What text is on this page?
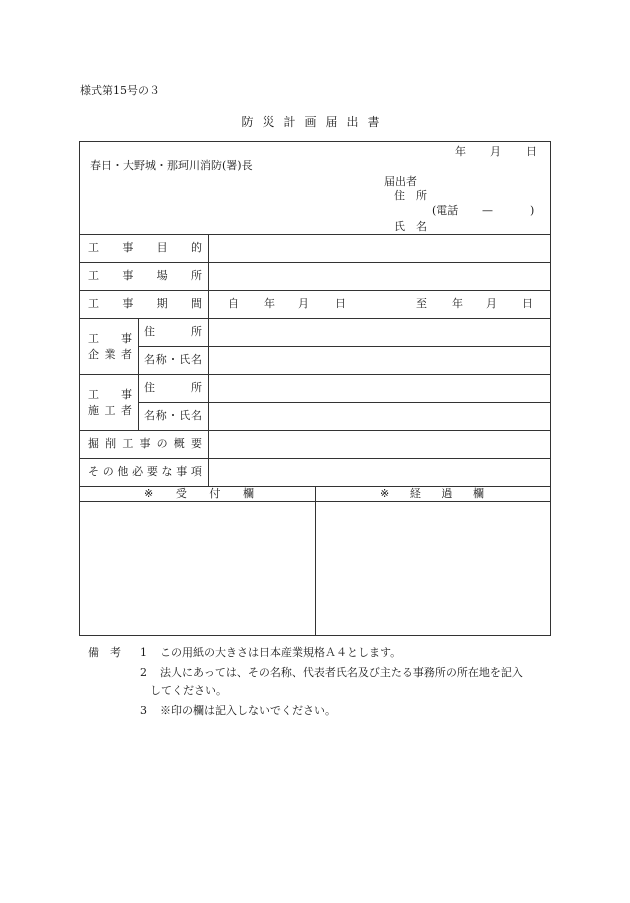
様式第15号の３
防災計画届出書
年 月 日
春日・大野城・那珂川消防(署)長
届出者
住　所
(電話 —	)
氏　名
工 事 目 的
工 事 場 所
工 事 期 間 自 年 月 日	至 年 月 日
工 事
企 業 者
住	所
名 称 ・ 氏 名
工 事
施 工 者
住	所
名 称 ・ 氏 名
掘 削 工 事 の 概 要
そ の 他 必 要 な 事 項
※ 受 付 欄	※ 経 過 欄
備　考 1 この用紙の大きさは日本産業規格Ａ４とします。
2 法人にあっては、その名称、代表者氏名及び主たる事務所の所在地を記入
してください。
3 ※印の欄は記入しないでください。
